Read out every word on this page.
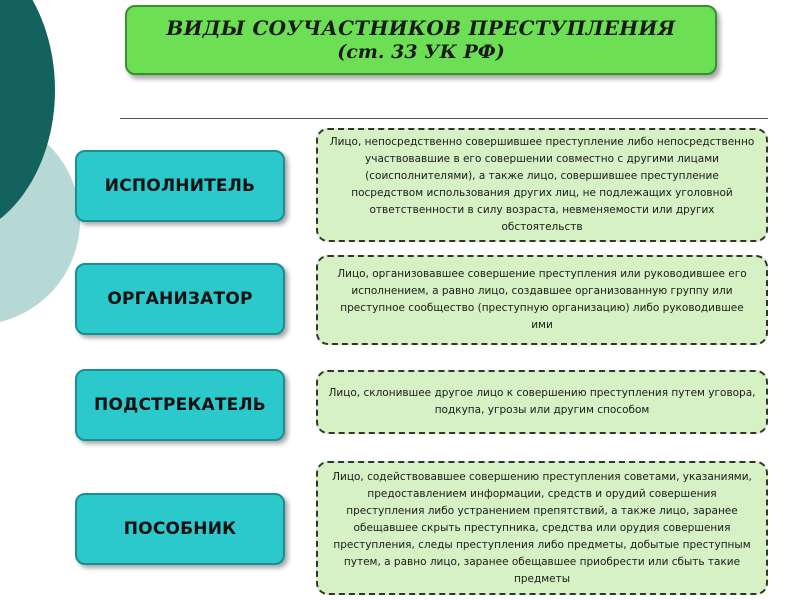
ВИДЫ СОУЧАСТНИКОВ ПРЕСТУПЛЕНИЯ
(ст. 33 УК РФ)
ИСПОЛНИТЕЛЬ
Лицо, непосредственно совершившее преступление либо непосредственно участвовавшие в его совершении совместно с другими лицами (соисполнителями), а также лицо, совершившее преступление посредством использования других лиц, не подлежащих уголовной ответственности в силу возраста, невменяемости или других обстоятельств
ОРГАНИЗАТОР
Лицо, организовавшее совершение преступления или руководившее его исполнением, а равно лицо, создавшее организованную группу или преступное сообщество (преступную организацию) либо руководившее ими
ПОДСТРЕКАТЕЛЬ
Лицо, склонившее другое лицо к совершению преступления путем уговора, подкупа, угрозы или другим способом
ПОСОБНИК
Лицо, содействовавшее совершению преступления советами, указаниями, предоставлением информации, средств и орудий совершения преступления либо устранением препятствий, а также лицо, заранее обещавшее скрыть преступника, средства или орудия совершения преступления, следы преступления либо предметы, добытые преступным путем, а равно лицо, заранее обещавшее приобрести или сбыть такие предметы
